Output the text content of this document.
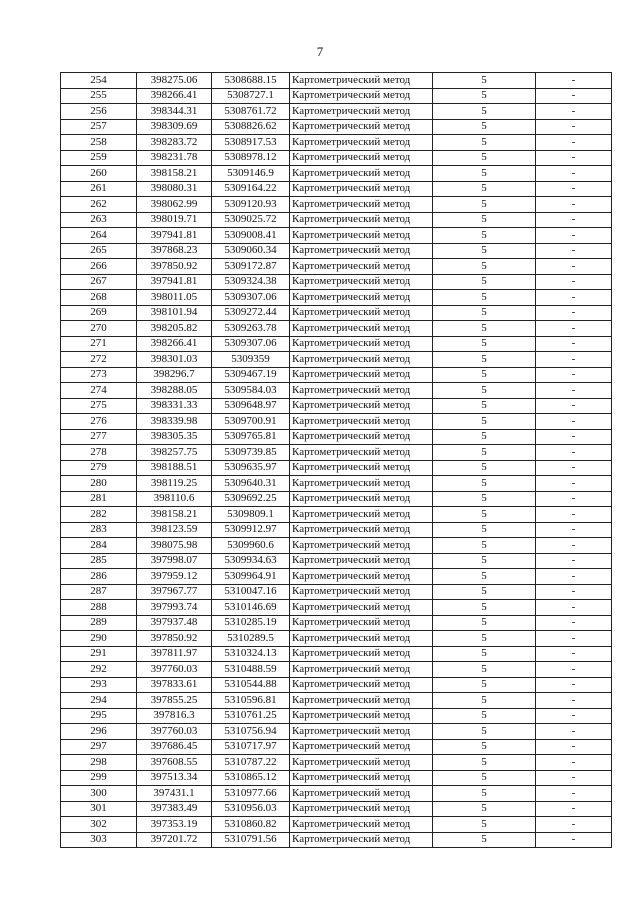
7
254	398275.06	5308688.15	Картометрический метод	5	-
255	398266.41	5308727.1	Картометрический метод	5	-
256	398344.31	5308761.72	Картометрический метод	5	-
257	398309.69	5308826.62	Картометрический метод	5	-
258	398283.72	5308917.53	Картометрический метод	5	-
259	398231.78	5308978.12	Картометрический метод	5	-
260	398158.21	5309146.9	Картометрический метод	5	-
261	398080.31	5309164.22	Картометрический метод	5	-
262	398062.99	5309120.93	Картометрический метод	5	-
263	398019.71	5309025.72	Картометрический метод	5	-
264	397941.81	5309008.41	Картометрический метод	5	-
265	397868.23	5309060.34	Картометрический метод	5	-
266	397850.92	5309172.87	Картометрический метод	5	-
267	397941.81	5309324.38	Картометрический метод	5	-
268	398011.05	5309307.06	Картометрический метод	5	-
269	398101.94	5309272.44	Картометрический метод	5	-
270	398205.82	5309263.78	Картометрический метод	5	-
271	398266.41	5309307.06	Картометрический метод	5	-
272	398301.03	5309359	Картометрический метод	5	-
273	398296.7	5309467.19	Картометрический метод	5	-
274	398288.05	5309584.03	Картометрический метод	5	-
275	398331.33	5309648.97	Картометрический метод	5	-
276	398339.98	5309700.91	Картометрический метод	5	-
277	398305.35	5309765.81	Картометрический метод	5	-
278	398257.75	5309739.85	Картометрический метод	5	-
279	398188.51	5309635.97	Картометрический метод	5	-
280	398119.25	5309640.31	Картометрический метод	5	-
281	398110.6	5309692.25	Картометрический метод	5	-
282	398158.21	5309809.1	Картометрический метод	5	-
283	398123.59	5309912.97	Картометрический метод	5	-
284	398075.98	5309960.6	Картометрический метод	5	-
285	397998.07	5309934.63	Картометрический метод	5	-
286	397959.12	5309964.91	Картометрический метод	5	-
287	397967.77	5310047.16	Картометрический метод	5	-
288	397993.74	5310146.69	Картометрический метод	5	-
289	397937.48	5310285.19	Картометрический метод	5	-
290	397850.92	5310289.5	Картометрический метод	5	-
291	397811.97	5310324.13	Картометрический метод	5	-
292	397760.03	5310488.59	Картометрический метод	5	-
293	397833.61	5310544.88	Картометрический метод	5	-
294	397855.25	5310596.81	Картометрический метод	5	-
295	397816.3	5310761.25	Картометрический метод	5	-
296	397760.03	5310756.94	Картометрический метод	5	-
297	397686.45	5310717.97	Картометрический метод	5	-
298	397608.55	5310787.22	Картометрический метод	5	-
299	397513.34	5310865.12	Картометрический метод	5	-
300	397431.1	5310977.66	Картометрический метод	5	-
301	397383.49	5310956.03	Картометрический метод	5	-
302	397353.19	5310860.82	Картометрический метод	5	-
303	397201.72	5310791.56	Картометрический метод	5	-
